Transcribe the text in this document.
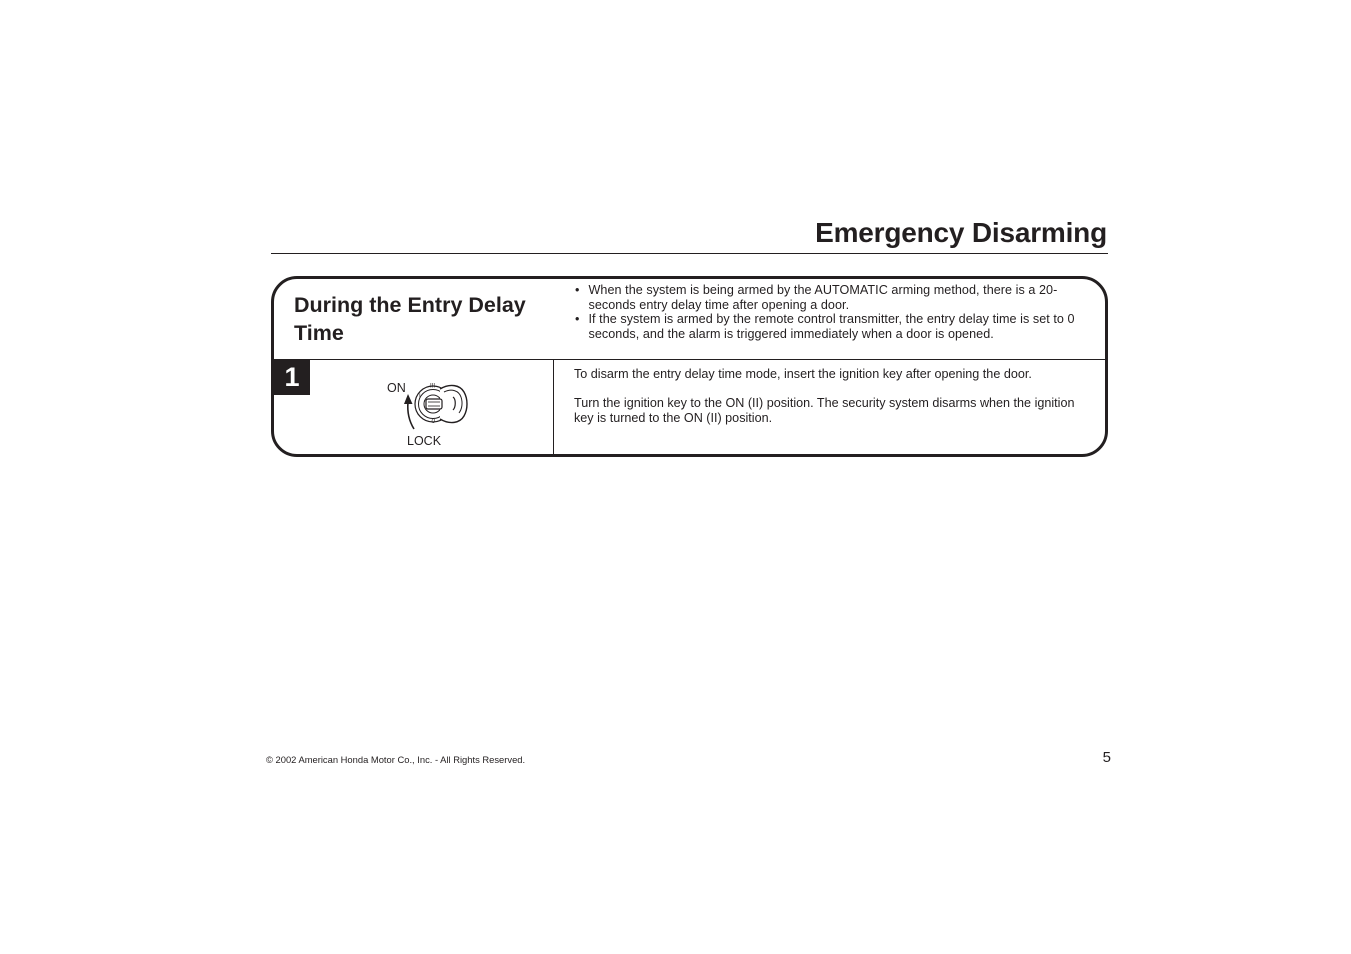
Emergency Disarming
During the Entry Delay Time
• When the system is being armed by the AUTOMATIC arming method, there is a 20-seconds entry delay time after opening a door.
• If the system is armed by the remote control transmitter, the entry delay time is set to 0 seconds, and the alarm is triggered immediately when a door is opened.
1	ON
LOCK
III
I
0

To disarm the entry delay time mode, insert the ignition key after opening the door.

Turn the ignition key to the ON (II) position. The security system disarms when the ignition key is turned to the ON (II) position.

© 2002 American Honda Motor Co., Inc. - All Rights Reserved.	5
